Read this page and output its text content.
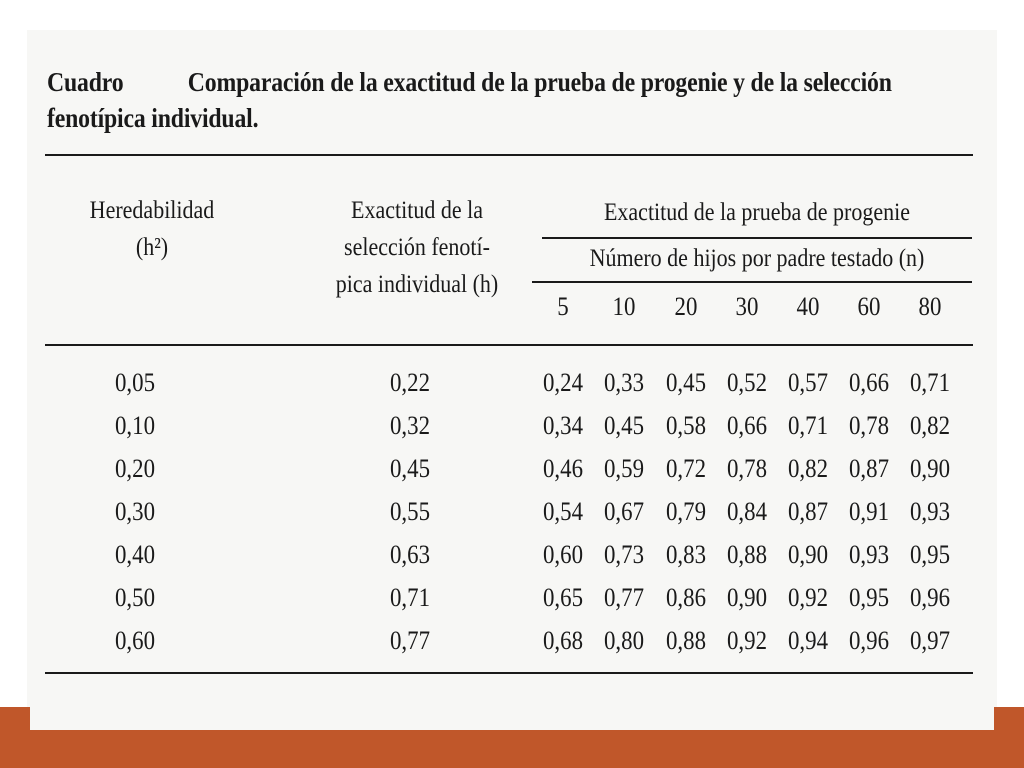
Cuadro Comparación de la exactitud de la prueba de progenie y de la selección
fenotípica individual.
Heredabilidad
(h²)
Exactitud de la
selección fenotí-
pica individual (h)
Exactitud de la prueba de progenie
Número de hijos por padre testado (n)
5	10	20	30	40	60	80
0,05	0,22	0,24 0,33 0,45 0,52 0,57 0,66 0,71
0,10	0,32	0,34 0,45 0,58 0,66 0,71 0,78 0,82
0,20	0,45	0,46 0,59 0,72 0,78 0,82 0,87 0,90
0,30	0,55	0,54 0,67 0,79 0,84 0,87 0,91 0,93
0,40	0,63	0,60 0,73 0,83 0,88 0,90 0,93 0,95
0,50	0,71	0,65 0,77 0,86 0,90 0,92 0,95 0,96
0,60	0,77	0,68 0,80 0,88 0,92 0,94 0,96 0,97
